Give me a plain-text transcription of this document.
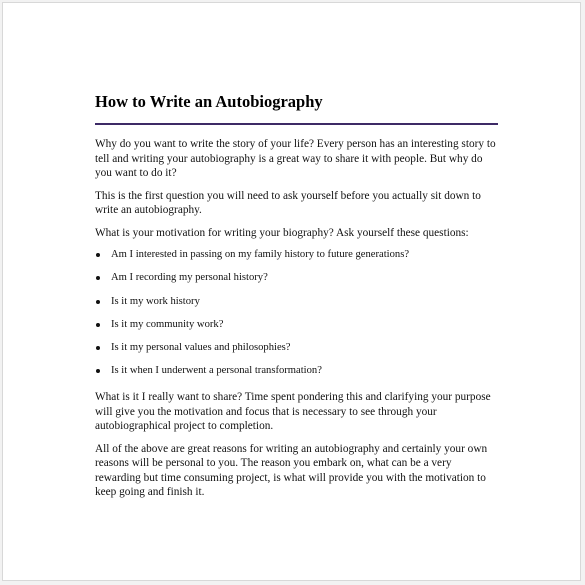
How to Write an Autobiography

Why do you want to write the story of your life? Every person has an interesting story to tell and writing your autobiography is a great way to share it with people. But why do you want to do it?

This is the first question you will need to ask yourself before you actually sit down to write an autobiography.

What is your motivation for writing your biography? Ask yourself these questions:

Am I interested in passing on my family history to future generations?
Am I recording my personal history?
Is it my work history
Is it my community work?
Is it my personal values and philosophies?
Is it when I underwent a personal transformation?

What is it I really want to share? Time spent pondering this and clarifying your purpose will give you the motivation and focus that is necessary to see through your autobiographical project to completion.

All of the above are great reasons for writing an autobiography and certainly your own reasons will be personal to you. The reason you embark on, what can be a very rewarding but time consuming project, is what will provide you with the motivation to keep going and finish it.
